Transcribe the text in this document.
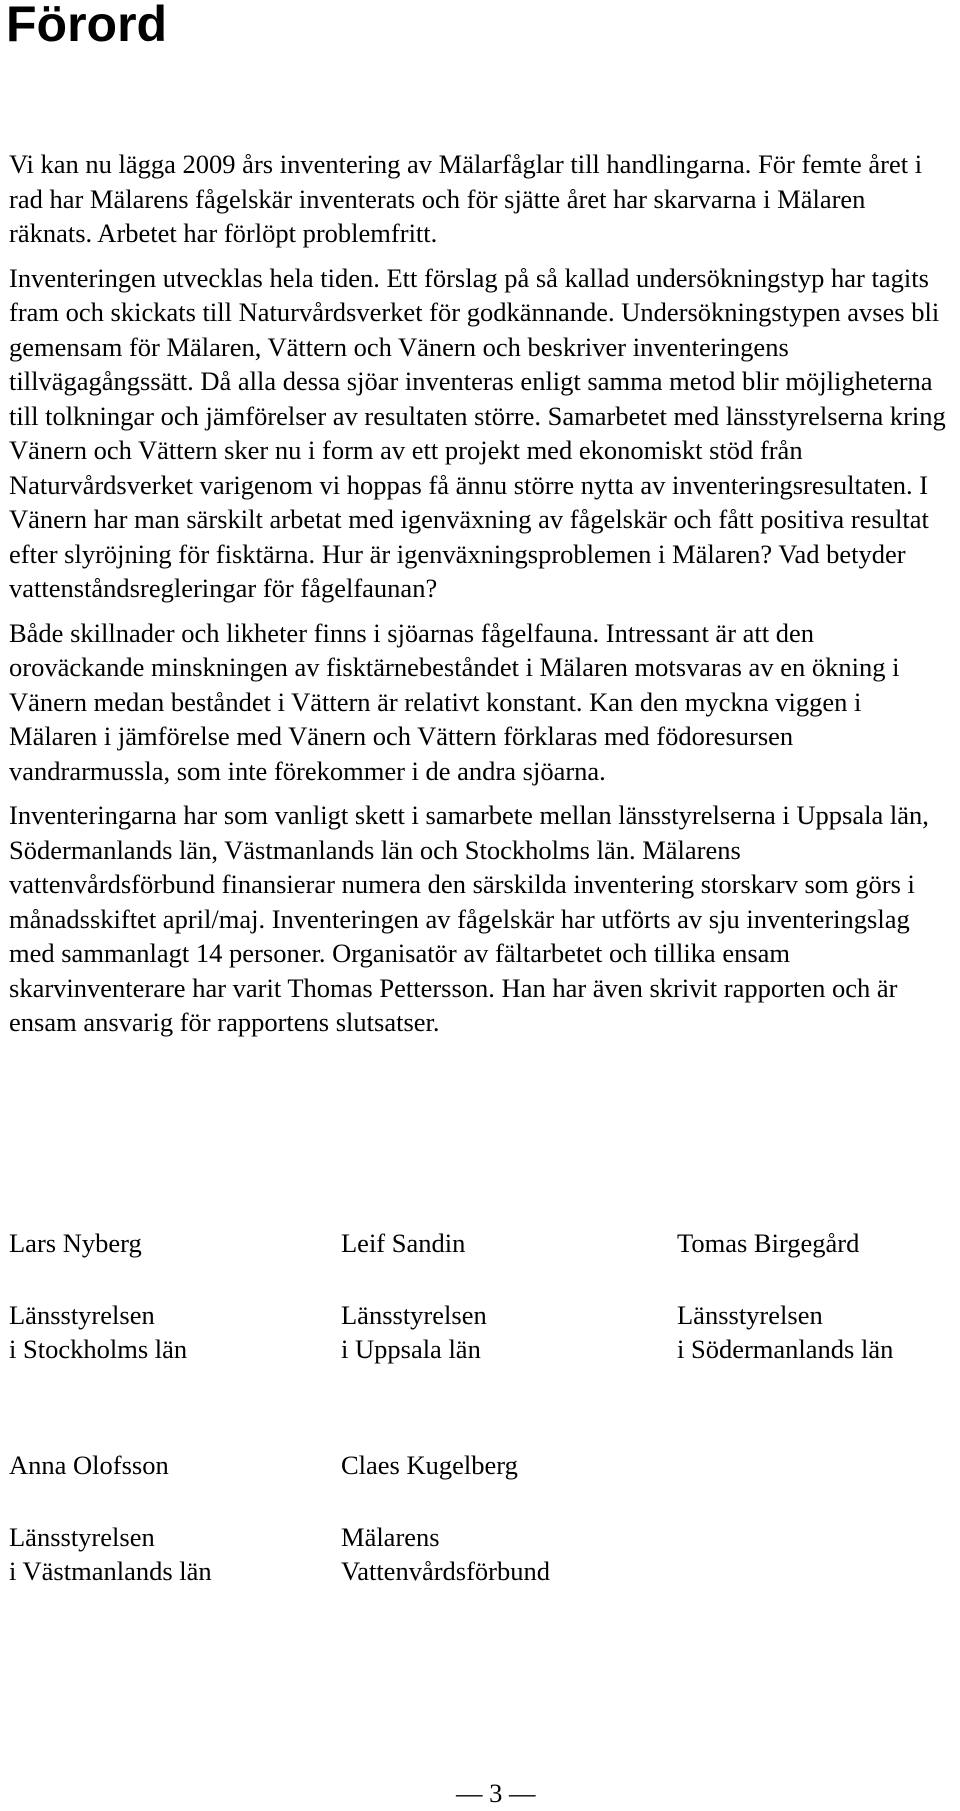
Förord

Vi kan nu lägga 2009 års inventering av Mälarfåglar till handlingarna. För femte året i rad har Mälarens fågelskär inventerats och för sjätte året har skarvarna i Mälaren räknats. Arbetet har förlöpt problemfritt.

Inventeringen utvecklas hela tiden. Ett förslag på så kallad undersökningstyp har tagits fram och skickats till Naturvårdsverket för godkännande. Undersökningstypen avses bli gemensam för Mälaren, Vättern och Vänern och beskriver inventeringens tillvägagångssätt. Då alla dessa sjöar inventeras enligt samma metod blir möjligheterna till tolkningar och jämförelser av resultaten större. Samarbetet med länsstyrelserna kring Vänern och Vättern sker nu i form av ett projekt med ekonomiskt stöd från Naturvårdsverket varigenom vi hoppas få ännu större nytta av inventeringsresultaten. I Vänern har man särskilt arbetat med igenväxning av fågelskär och fått positiva resultat efter slyröjning för fisktärna. Hur är igenväxningsproblemen i Mälaren? Vad betyder vattenståndsregleringar för fågelfaunan?

Både skillnader och likheter finns i sjöarnas fågelfauna. Intressant är att den oroväckande minskningen av fisktärnebeståndet i Mälaren motsvaras av en ökning i Vänern medan beståndet i Vättern är relativt konstant. Kan den myckna viggen i Mälaren i jämförelse med Vänern och Vättern förklaras med födoresursen vandrarmussla, som inte förekommer i de andra sjöarna.

Inventeringarna har som vanligt skett i samarbete mellan länsstyrelserna i Uppsala län, Södermanlands län, Västmanlands län och Stockholms län. Mälarens vattenvårdsförbund finansierar numera den särskilda inventering storskarv som görs i månadsskiftet april/maj. Inventeringen av fågelskär har utförts av sju inventeringslag med sammanlagt 14 personer. Organisatör av fältarbetet och tillika ensam skarvinventerare har varit Thomas Pettersson. Han har även skrivit rapporten och är ensam ansvarig för rapportens slutsatser.

Lars Nyberg
Länsstyrelsen
i Stockholms län
Leif Sandin
Länsstyrelsen
i Uppsala län
Tomas Birgegård
Länsstyrelsen
i Södermanlands län
Anna Olofsson
Länsstyrelsen
i Västmanlands län
Claes Kugelberg
Mälarens
Vattenvårdsförbund
— 3 —
